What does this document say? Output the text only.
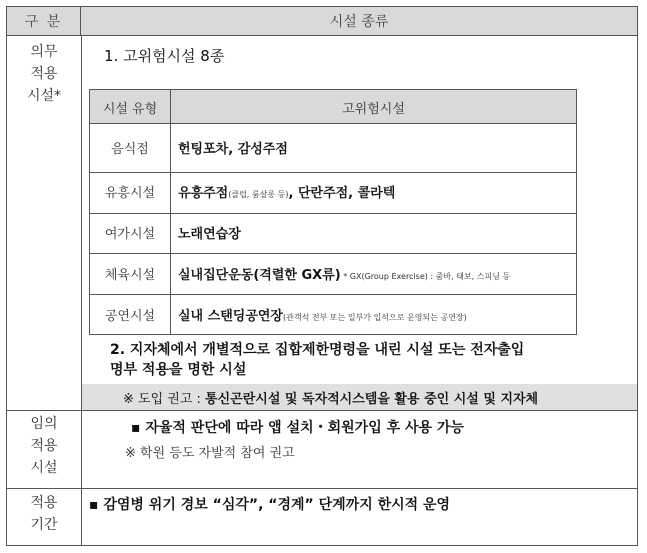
구 분	시설 종류
의무
적용
시설*
1. 고위험시설 8종
시설 유형	고위험시설
음식점	헌팅포차, 감성주점
유흥시설	유흥주점(클럽, 룸살롱 등), 단란주점, 콜라텍
여가시설	노래연습장
체육시설	실내집단운동(격렬한 GX류) * GX(Group Exercise) : 줌바, 태보, 스피닝 등
공연시설	실내 스탠딩공연장(관객석 전부 또는 일부가 입석으로 운영되는 공연장)
2. 지자체에서 개별적으로 집합제한명령을 내린 시설 또는 전자출입
명부 적용을 명한 시설
※ 도입 권고 : 통신곤란시설 및 독자적시스템을 활용 중인 시설 및 지자체
임의
적용
시설
▪ 자율적 판단에 따라 앱 설치・회원가입 후 사용 가능
※ 학원 등도 자발적 참여 권고
적용
기간
▪ 감염병 위기 경보 “심각”, “경계” 단계까지 한시적 운영
